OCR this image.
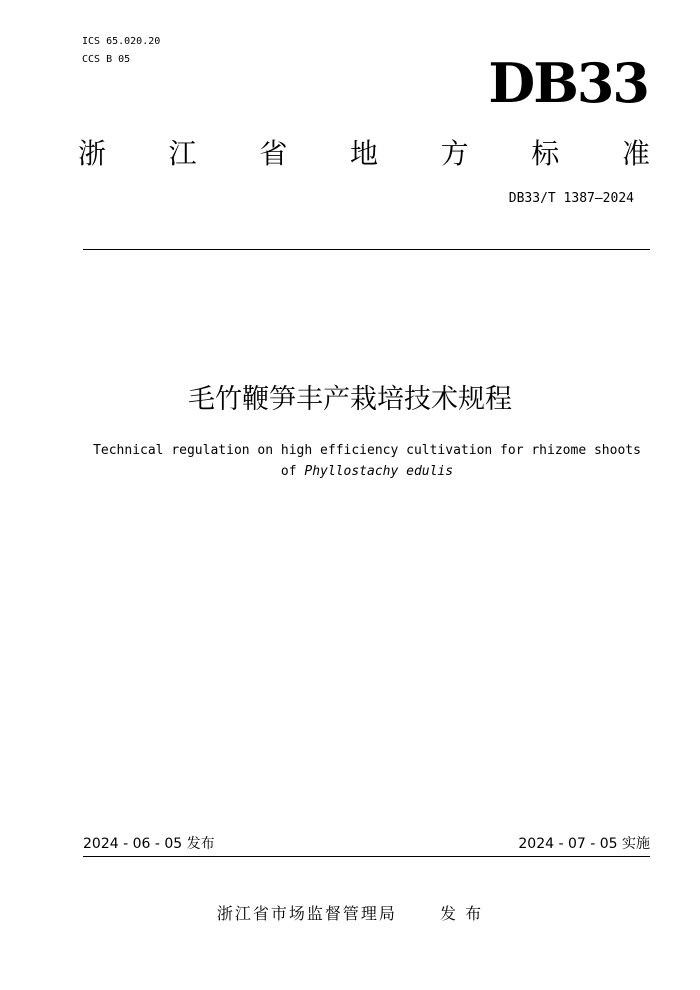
ICS 65.020.20
CCS B 05	DB33
浙 江 省 地 方 标 准
DB33/T 1387—2024
毛竹鞭笋丰产栽培技术规程
Technical regulation on high efficiency cultivation for rhizome shoots
of Phyllostachy edulis
2024 - 06 - 05 发布	2024 - 07 - 05 实施
浙江省市场监督管理局	发 布
